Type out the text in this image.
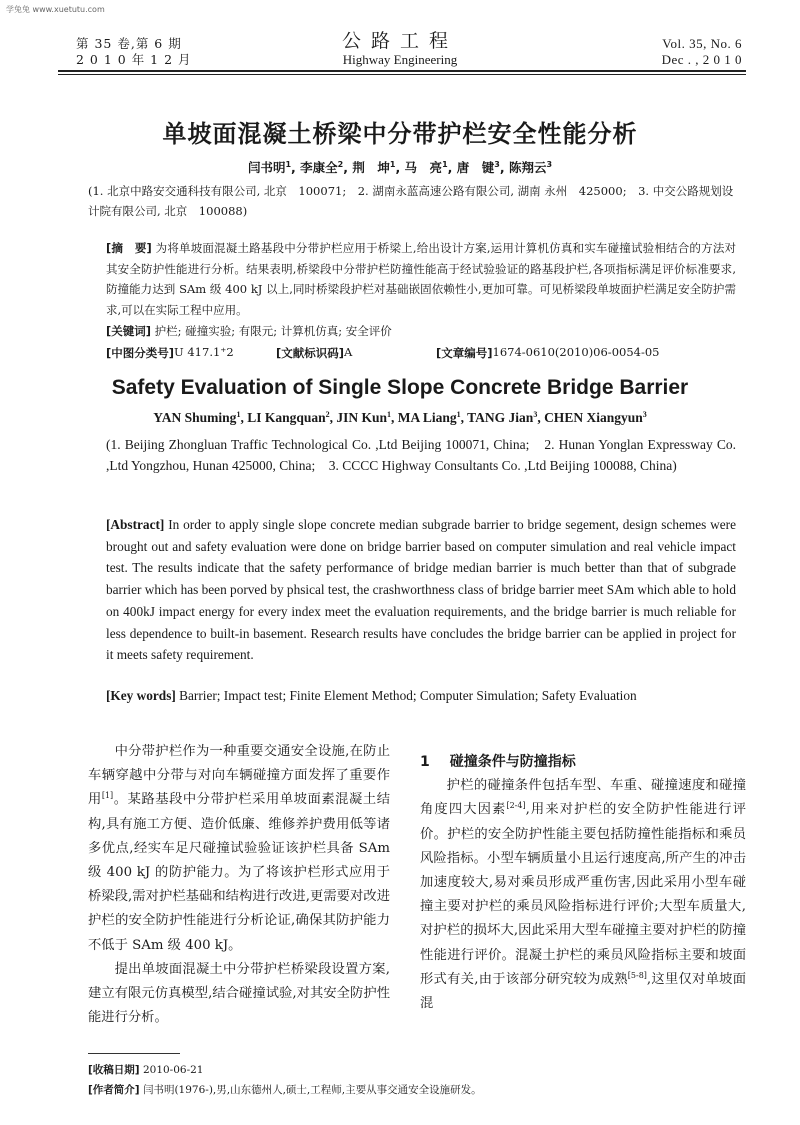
学兔兔 www.xuetutu.com
第 35 卷,第 6 期
2 0 1 0 年 1 2 月
公路工程
Highway Engineering
Vol. 35, No. 6
Dec . , 2 0 1 0
单坡面混凝土桥梁中分带护栏安全性能分析
闫书明$^1$, 李康全$^2$, 荆　坤$^1$, 马　亮$^1$, 唐　键$^3$, 陈翔云$^3$
(1. 北京中路安交通科技有限公司, 北京　100071;　2. 湖南永蓝高速公路有限公司, 湖南 永州　425000;　3. 中交公路规划设计院有限公司, 北京　100088)
[摘　要] 为将单坡面混凝土路基段中分带护栏应用于桥梁上,给出设计方案,运用计算机仿真和实车碰撞试验相结合的方法对其安全防护性能进行分析。结果表明,桥梁段中分带护栏防撞性能高于经试验验证的路基段护栏,各项指标满足评价标准要求,防撞能力达到 SAm 级 400 kJ 以上,同时桥梁段护栏对基础嵌固依赖性小,更加可靠。可见桥梁段单坡面护栏满足安全防护需求,可以在实际工程中应用。
[关键词] 护栏; 碰撞实验; 有限元; 计算机仿真; 安全评价
[中图分类号] U 417.1⁺2	[文献标识码] A	[文章编号] 1674-0610(2010)06-0054-05
Safety Evaluation of Single Slope Concrete Bridge Barrier
YAN Shuming$^1$, LI Kangquan$^2$, JIN Kun$^1$, MA Liang$^1$, TANG Jian$^3$, CHEN Xiangyun$^3$
(1. Beijing Zhongluan Traffic Technological Co. ,Ltd Beijing 100071, China;　2. Hunan Yonglan Expressway Co. ,Ltd Yongzhou, Hunan 425000, China;　3. CCCC Highway Consultants Co. ,Ltd Beijing 100088, China)
[Abstract] In order to apply single slope concrete median subgrade barrier to bridge segement, design schemes were brought out and safety evaluation were done on bridge barrier based on computer simulation and real vehicle impact test. The results indicate that the safety performance of bridge median barrier is much better than that of subgrade barrier which has been porved by phsical test, the crashworthness class of bridge barrier meet SAm which able to hold on 400kJ impact energy for every index meet the evaluation requirements, and the bridge barrier is much reliable for less dependence to built-in basement. Research results have concludes the bridge barrier can be applied in project for it meets safety requirement.
[Key words] Barrier; Impact test; Finite Element Method; Computer Simulation; Safety Evaluation

中分带护栏作为一种重要交通安全设施,在防止车辆穿越中分带与对向车辆碰撞方面发挥了重要作用[1]。某路基段中分带护栏采用单坡面素混凝土结构,具有施工方便、造价低廉、维修养护费用低等诸多优点,经实车足尺碰撞试验验证该护栏具备 SAm 级 400 kJ 的防护能力。为了将该护栏形式应用于桥梁段,需对护栏基础和结构进行改进,更需要对改进护栏的安全防护性能进行分析论证,确保其防护能力不低于 SAm 级 400 kJ。

提出单坡面混凝土中分带护栏桥梁段设置方案,建立有限元仿真模型,结合碰撞试验,对其安全防护性能进行分析。

1 碰撞条件与防撞指标

护栏的碰撞条件包括车型、车重、碰撞速度和碰撞角度四大因素[2-4],用来对护栏的安全防护性能进行评价。护栏的安全防护性能主要包括防撞性能指标和乘员风险指标。小型车辆质量小且运行速度高,所产生的冲击加速度较大,易对乘员形成严重伤害,因此采用小型车碰撞主要对护栏的乘员风险指标进行评价;大型车质量大,对护栏的损坏大,因此采用大型车碰撞主要对护栏的防撞性能进行评价。混凝土护栏的乘员风险指标主要和坡面形式有关,由于该部分研究较为成熟[5-8],这里仅对单坡面混

[收稿日期] 2010-06-21
[作者简介] 闫书明(1976-),男,山东德州人,硕士,工程师,主要从事交通安全设施研发。
